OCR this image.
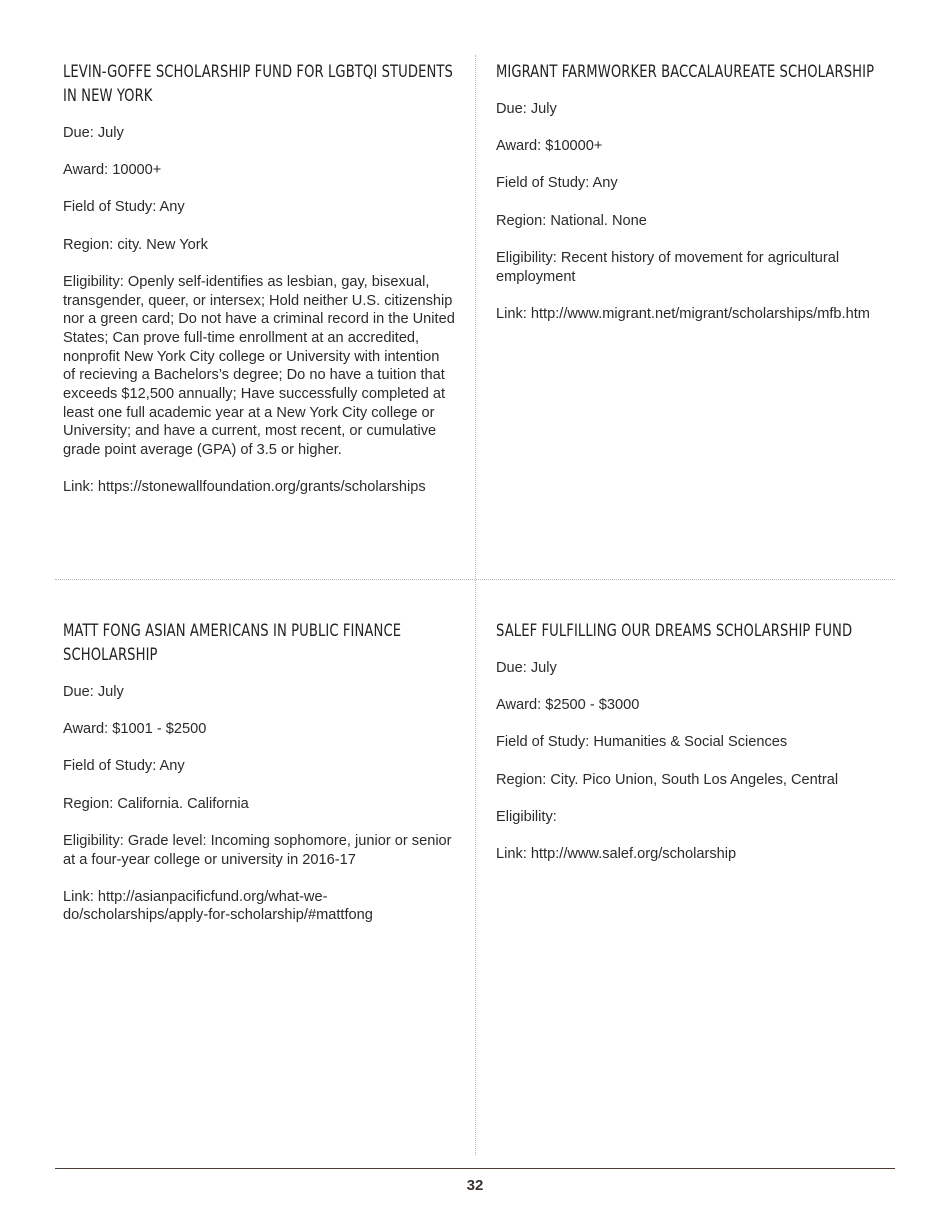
LEVIN-GOFFE SCHOLARSHIP FUND FOR LGBTQI STUDENTS IN NEW YORK

Due: July

Award: 10000+

Field of Study: Any

Region: city. New York

Eligibility: Openly self-identifies as lesbian, gay, bisexual, transgender, queer, or intersex; Hold neither U.S. citizenship nor a green card; Do not have a criminal record in the United States; Can prove full-time enrollment at an accredited, nonprofit New York City college or University with intention of recieving a Bachelors’s degree; Do no have a tuition that exceeds $12,500 annually; Have successfully completed at least one full academic year at a New York City college or University; and have a current, most recent, or cumulative grade point average (GPA) of 3.5 or higher.

Link: https://stonewallfoundation.org/grants/scholarships

MIGRANT FARMWORKER BACCALAUREATE SCHOLARSHIP

Due: July

Award: $10000+

Field of Study: Any

Region: National. None

Eligibility: Recent history of movement for agricultural employment

Link: http://www.migrant.net/migrant/scholarships/mfb.htm

MATT FONG ASIAN AMERICANS IN PUBLIC FINANCE SCHOLARSHIP

Due: July

Award: $1001 - $2500

Field of Study: Any

Region: California. California

Eligibility: Grade level: Incoming sophomore, junior or senior at a four-year college or university in 2016-17

Link: http://asianpacificfund.org/what-we-do/scholarships/apply-for-scholarship/#mattfong

SALEF FULFILLING OUR DREAMS SCHOLARSHIP FUND

Due: July

Award: $2500 - $3000

Field of Study: Humanities & Social Sciences

Region: City. Pico Union, South Los Angeles, Central

Eligibility:

Link: http://www.salef.org/scholarship

32
